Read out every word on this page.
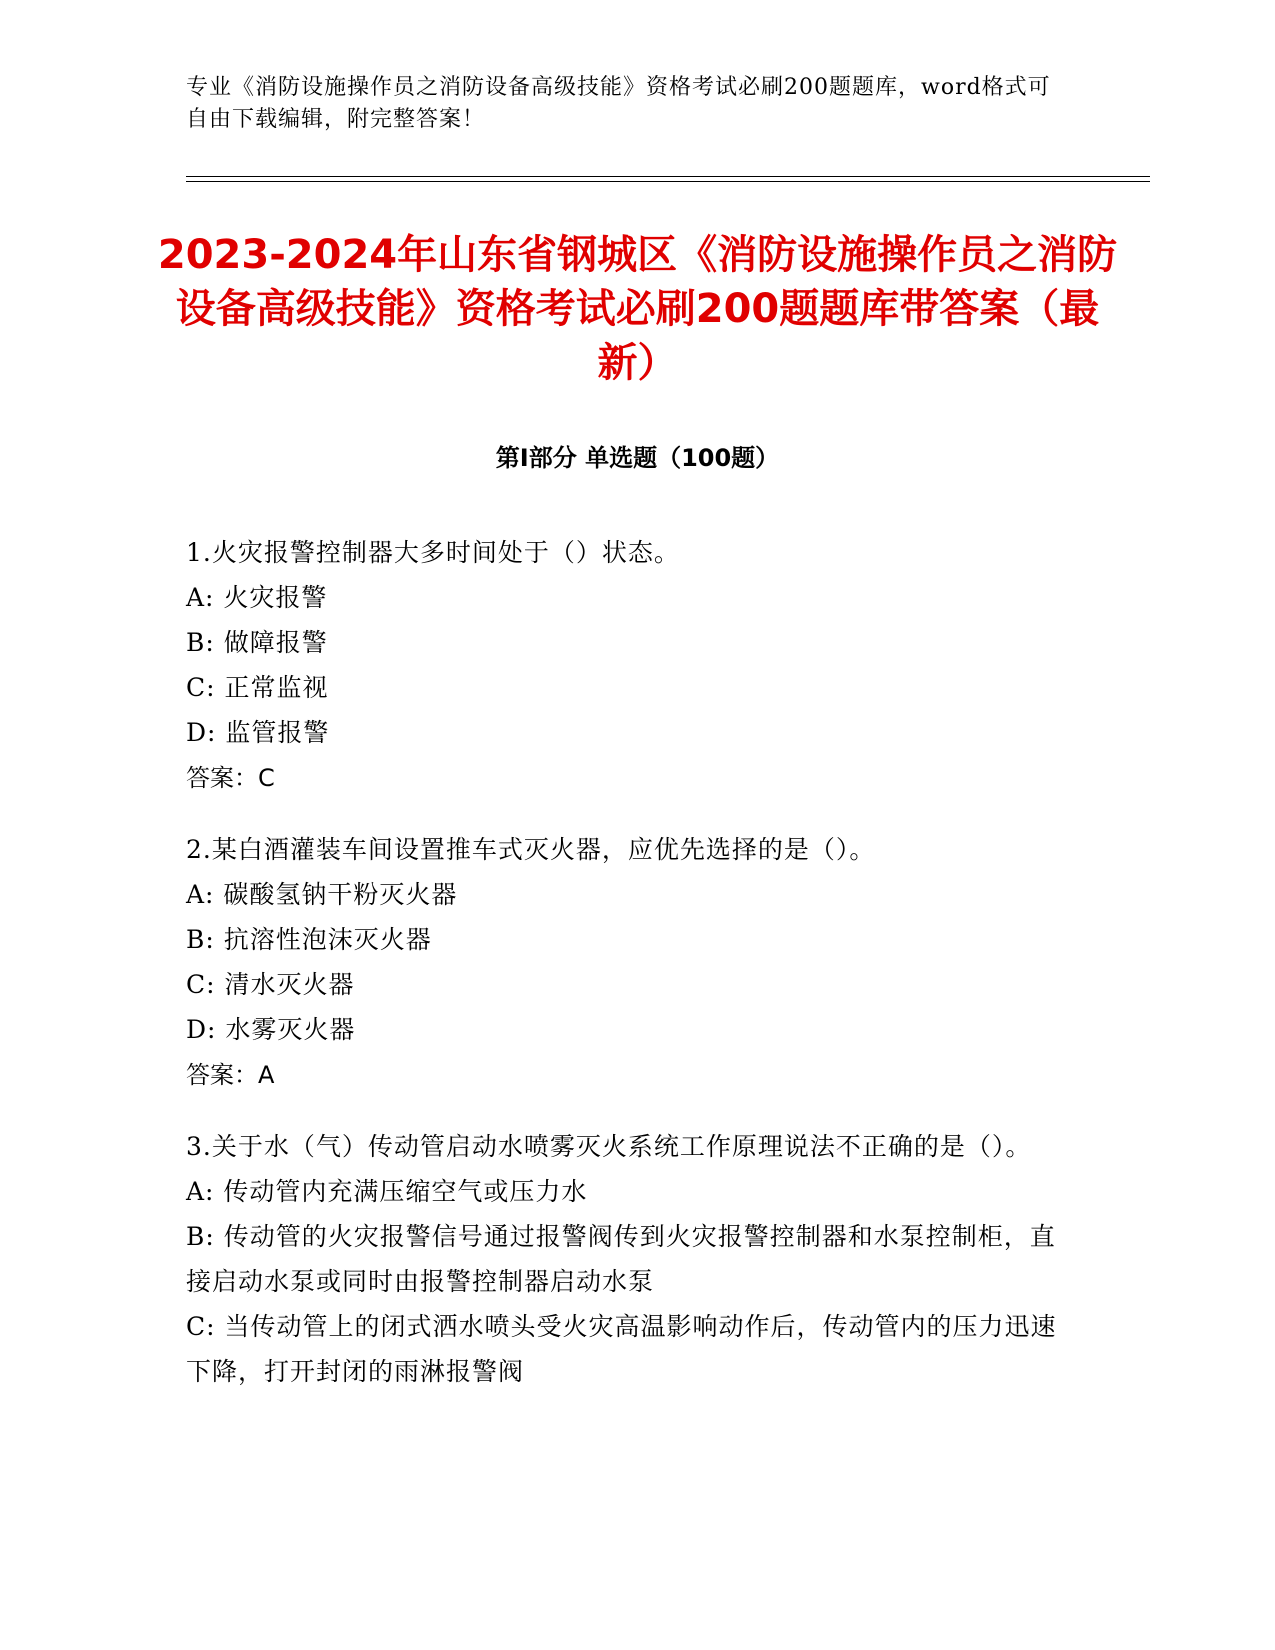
专业《消防设施操作员之消防设备高级技能》资格考试必刷200题题库，word格式可自由下载编辑，附完整答案！
2023-2024年山东省钢城区《消防设施操作员之消防设备高级技能》资格考试必刷200题题库带答案（最新）
第I部分 单选题（100题）
1.火灾报警控制器大多时间处于（）状态。
A: 火灾报警
B: 做障报警
C: 正常监视
D: 监管报警
答案：C
2.某白酒灌装车间设置推车式灭火器，应优先选择的是（）。
A: 碳酸氢钠干粉灭火器
B: 抗溶性泡沫灭火器
C: 清水灭火器
D: 水雾灭火器
答案：A
3.关于水（气）传动管启动水喷雾灭火系统工作原理说法不正确的是（）。
A: 传动管内充满压缩空气或压力水
B: 传动管的火灾报警信号通过报警阀传到火灾报警控制器和水泵控制柜，直接启动水泵或同时由报警控制器启动水泵
C: 当传动管上的闭式洒水喷头受火灾高温影响动作后，传动管内的压力迅速下降，打开封闭的雨淋报警阀
